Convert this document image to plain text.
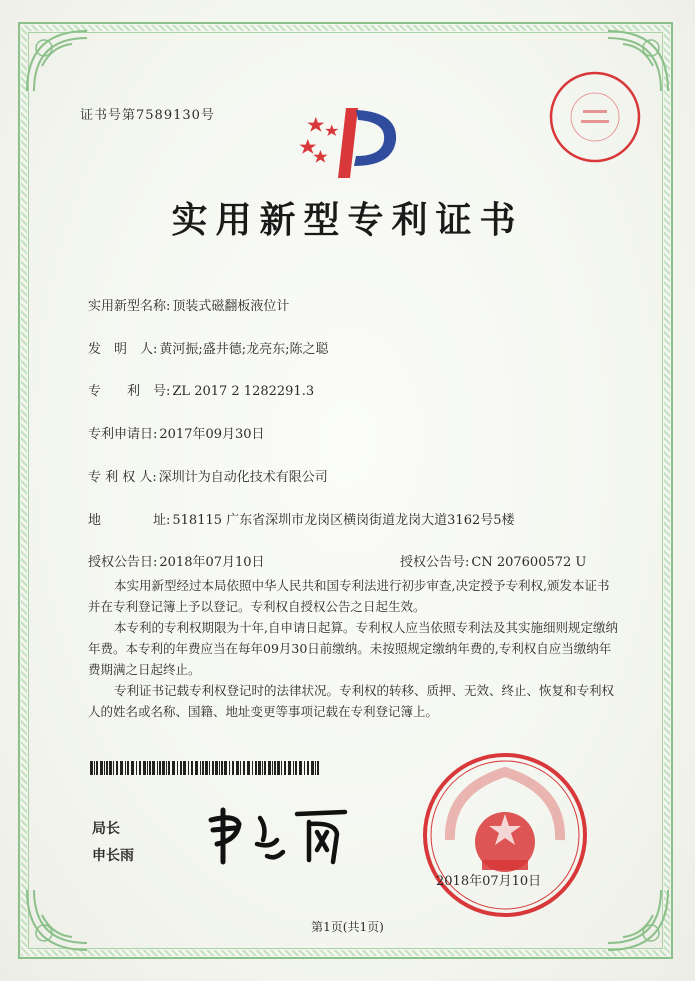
证书号第7589130号
实用新型专利证书
实用新型名称: 顶装式磁翻板液位计
发　明　人: 黄河振;盛井德;龙亮东;陈之聪
专　　利　号: ZL 2017 2 1282291.3
专利申请日: 2017年09月30日
专 利 权 人: 深圳计为自动化技术有限公司
地　　　　址: 518115 广东省深圳市龙岗区横岗街道龙岗大道3162号5楼
授权公告日: 2018年07月10日	授权公告号: CN 207600572 U

本实用新型经过本局依照中华人民共和国专利法进行初步审查,决定授予专利权,颁发本证书并在专利登记簿上予以登记。专利权自授权公告之日起生效。

本专利的专利权期限为十年,自申请日起算。专利权人应当依照专利法及其实施细则规定缴纳年费。本专利的年费应当在每年09月30日前缴纳。未按照规定缴纳年费的,专利权自应当缴纳年费期满之日起终止。

专利证书记载专利权登记时的法律状况。专利权的转移、质押、无效、终止、恢复和专利权人的姓名或名称、国籍、地址变更等事项记载在专利登记簿上。

局长
申长雨
2018年07月10日
第1页(共1页)
